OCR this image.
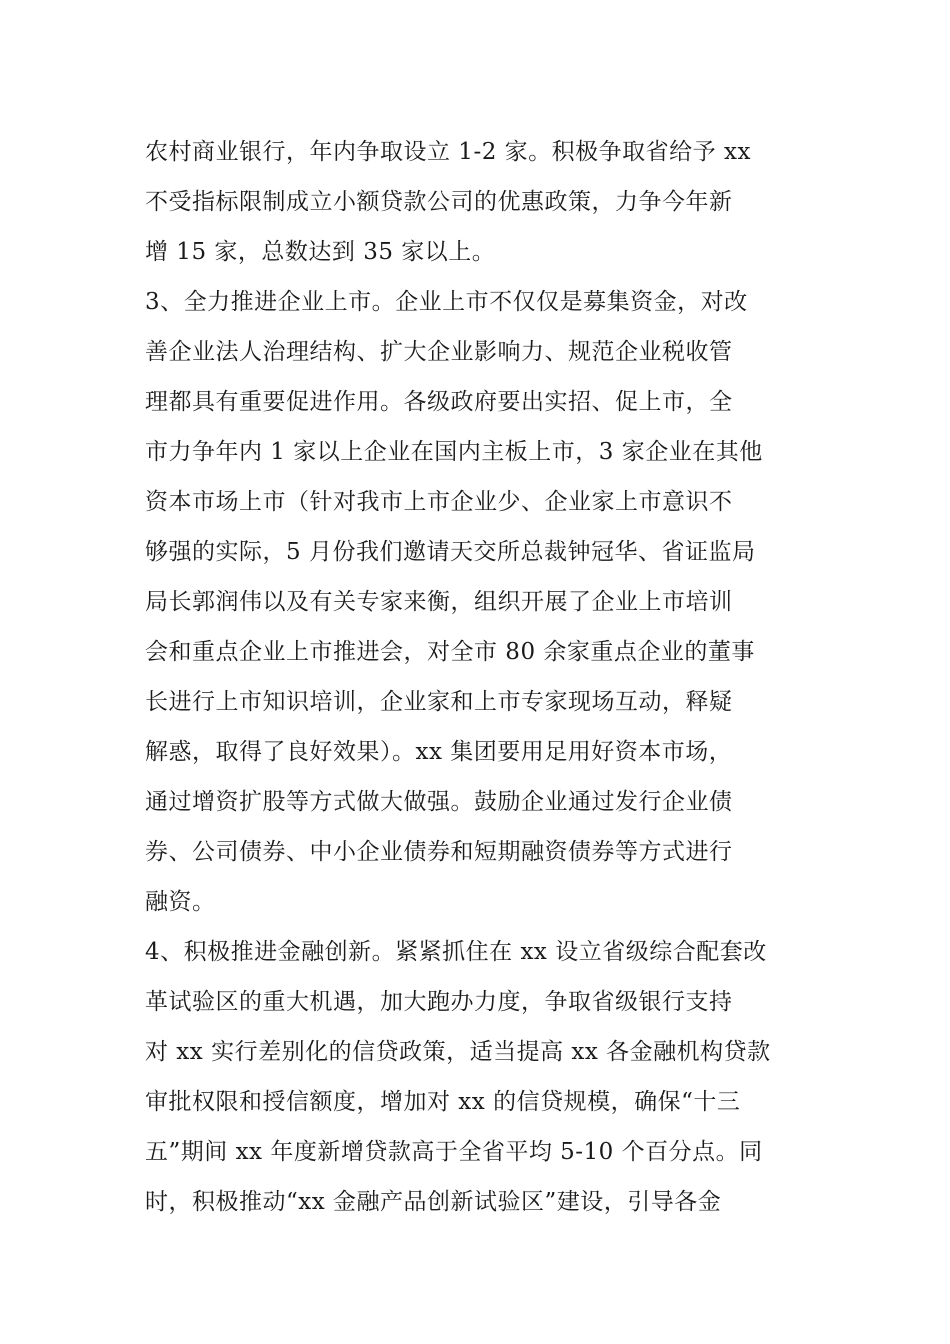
农村商业银行，年内争取设立 1-2 家。积极争取省给予 xx
不受指标限制成立小额贷款公司的优惠政策，力争今年新
增 15 家，总数达到 35 家以上。
3、全力推进企业上市。企业上市不仅仅是募集资金，对改
善企业法人治理结构、扩大企业影响力、规范企业税收管
理都具有重要促进作用。各级政府要出实招、促上市，全
市力争年内 1 家以上企业在国内主板上市，3 家企业在其他
资本市场上市（针对我市上市企业少、企业家上市意识不
够强的实际，5 月份我们邀请天交所总裁钟冠华、省证监局
局长郭润伟以及有关专家来衡，组织开展了企业上市培训
会和重点企业上市推进会，对全市 80 余家重点企业的董事
长进行上市知识培训，企业家和上市专家现场互动，释疑
解惑，取得了良好效果）。xx 集团要用足用好资本市场，
通过增资扩股等方式做大做强。鼓励企业通过发行企业债
券、公司债券、中小企业债券和短期融资债券等方式进行
融资。
4、积极推进金融创新。紧紧抓住在 xx 设立省级综合配套改
革试验区的重大机遇，加大跑办力度，争取省级银行支持
对 xx 实行差别化的信贷政策，适当提高 xx 各金融机构贷款
审批权限和授信额度，增加对 xx 的信贷规模，确保“十三
五”期间 xx 年度新增贷款高于全省平均 5-10 个百分点。同
时，积极推动“xx 金融产品创新试验区”建设，引导各金
